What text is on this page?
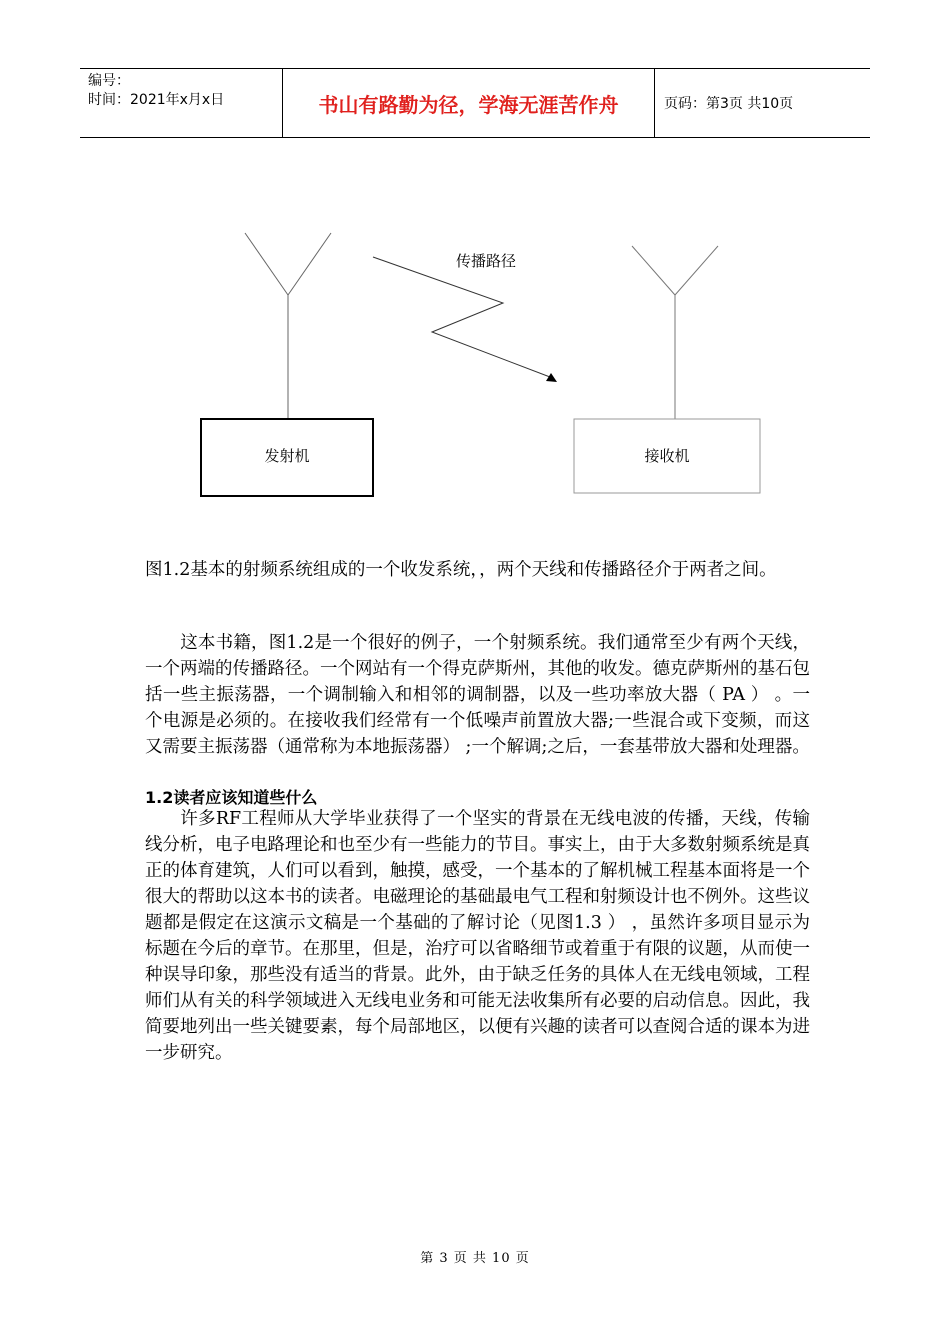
编号：
时间：2021年x月x日	书山有路勤为径，学海无涯苦作舟	页码：第3页 共10页
传播路径
发射机	接收机
图1.2基本的射频系统组成的一个收发系统，，两个天线和传播路径介于两者之间。
这本书籍，图1.2是一个很好的例子，一个射频系统。我们通常至少有两个天线，一个两端的传播路径。一个网站有一个得克萨斯州，其他的收发。德克萨斯州的基石包括一些主振荡器，一个调制输入和相邻的调制器，以及一些功率放大器（ PA ） 。一个电源是必须的。在接收我们经常有一个低噪声前置放大器;一些混合或下变频，而这又需要主振荡器（通常称为本地振荡器） ;一个解调;之后，一套基带放大器和处理器。
1.2读者应该知道些什么
许多RF工程师从大学毕业获得了一个坚实的背景在无线电波的传播，天线，传输线分析，电子电路理论和也至少有一些能力的节目。事实上，由于大多数射频系统是真正的体育建筑，人们可以看到，触摸，感受，一个基本的了解机械工程基本面将是一个很大的帮助以这本书的读者。电磁理论的基础最电气工程和射频设计也不例外。这些议题都是假定在这演示文稿是一个基础的了解讨论（见图1.3 ） ，虽然许多项目显示为标题在今后的章节。在那里，但是，治疗可以省略细节或着重于有限的议题，从而使一种误导印象，那些没有适当的背景。此外，由于缺乏任务的具体人在无线电领域，工程师们从有关的科学领域进入无线电业务和可能无法收集所有必要的启动信息。因此，我简要地列出一些关键要素，每个局部地区，以便有兴趣的读者可以查阅合适的课本为进一步研究。
第 3 页 共 10 页
